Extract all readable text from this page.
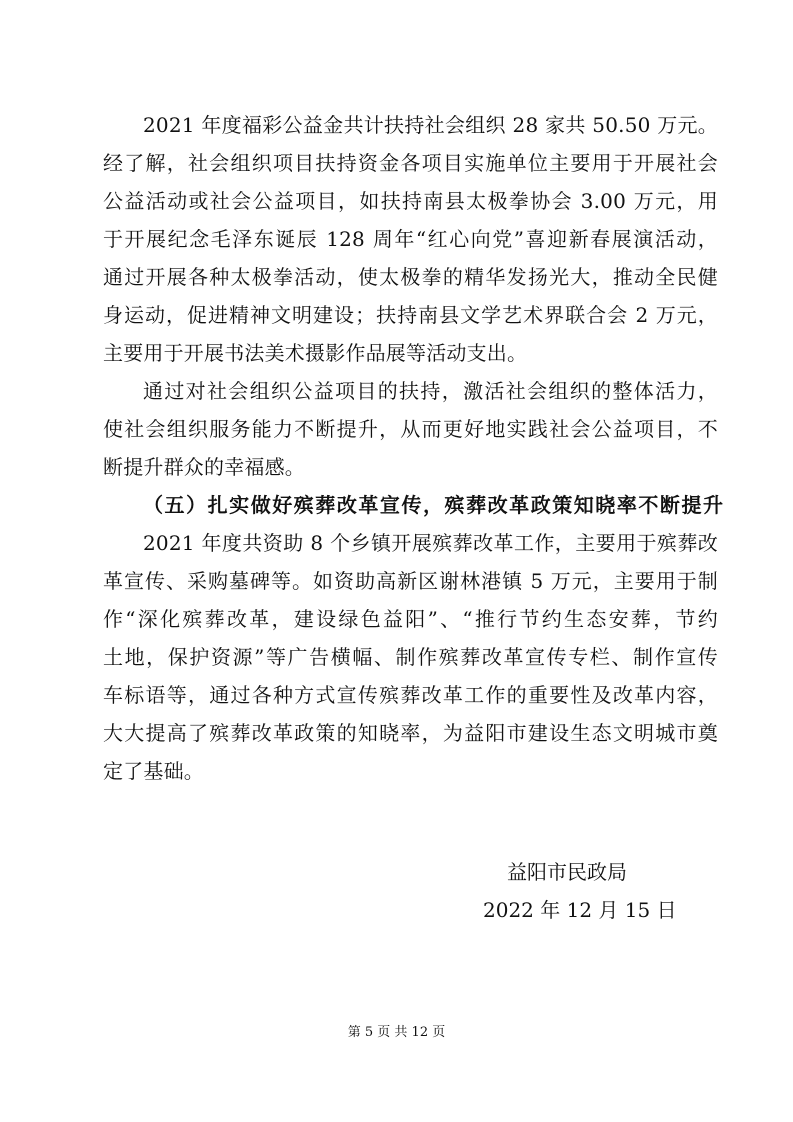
2021 年度福彩公益金共计扶持社会组织 28 家共 50.50 万元。
经了解，社会组织项目扶持资金各项目实施单位主要用于开展社会
公益活动或社会公益项目，如扶持南县太极拳协会 3.00 万元，用
于开展纪念毛泽东诞辰 128 周年“红心向党”喜迎新春展演活动，
通过开展各种太极拳活动，使太极拳的精华发扬光大，推动全民健
身运动，促进精神文明建设；扶持南县文学艺术界联合会 2 万元，
主要用于开展书法美术摄影作品展等活动支出。
通过对社会组织公益项目的扶持，激活社会组织的整体活力，
使社会组织服务能力不断提升，从而更好地实践社会公益项目，不
断提升群众的幸福感。
（五）扎实做好殡葬改革宣传，殡葬改革政策知晓率不断提升
2021 年度共资助 8 个乡镇开展殡葬改革工作，主要用于殡葬改
革宣传、采购墓碑等。如资助高新区谢林港镇 5 万元，主要用于制
作“深化殡葬改革，建设绿色益阳”、“推行节约生态安葬，节约
土地，保护资源”等广告横幅、制作殡葬改革宣传专栏、制作宣传
车标语等，通过各种方式宣传殡葬改革工作的重要性及改革内容，
大大提高了殡葬改革政策的知晓率，为益阳市建设生态文明城市奠
定了基础。
益阳市民政局
2022 年 12 月 15 日
第 5 页 共 12 页
